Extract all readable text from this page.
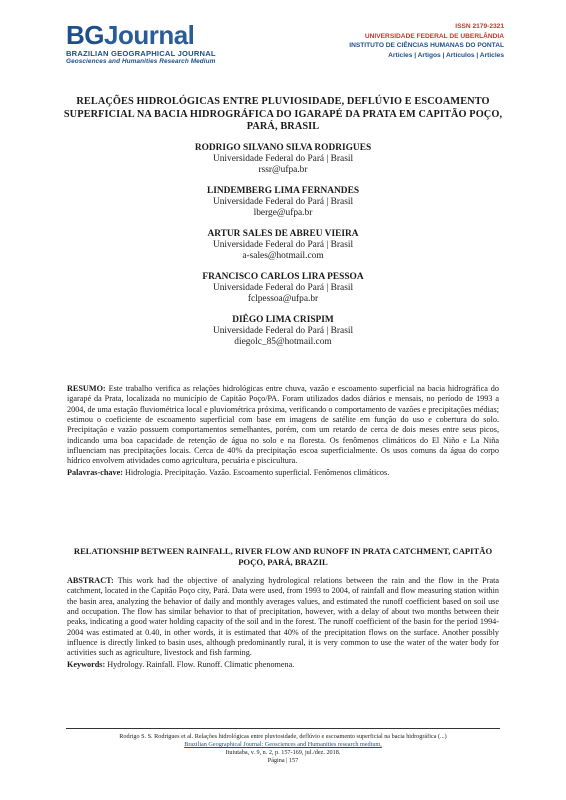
BGJournal
BRAZILIAN GEOGRAPHICAL JOURNAL
Geosciences and Humanities Research Medium
ISSN 2179-2321
UNIVERSIDADE FEDERAL DE UBERLÂNDIA
INSTITUTO DE CIÊNCIAS HUMANAS DO PONTAL
Articles | Artigos | Artículos | Articles
RELAÇÕES HIDROLÓGICAS ENTRE PLUVIOSIDADE, DEFLÚVIO E ESCOAMENTO SUPERFICIAL NA BACIA HIDROGRÁFICA DO IGARAPÉ DA PRATA EM CAPITÃO POÇO, PARÁ, BRASIL
RODRIGO SILVANO SILVA RODRIGUES
Universidade Federal do Pará | Brasil
rssr@ufpa.br
LINDEMBERG LIMA FERNANDES
Universidade Federal do Pará | Brasil
lberge@ufpa.br
ARTUR SALES DE ABREU VIEIRA
Universidade Federal do Pará | Brasil
a-sales@hotmail.com
FRANCISCO CARLOS LIRA PESSOA
Universidade Federal do Pará | Brasil
fclpessoa@ufpa.br
DIÊGO LIMA CRISPIM
Universidade Federal do Pará | Brasil
diegolc_85@hotmail.com
RESUMO: Este trabalho verifica as relações hidrológicas entre chuva, vazão e escoamento superficial na bacia hidrográfica do igarapé da Prata, localizada no município de Capitão Poço/PA. Foram utilizados dados diários e mensais, no período de 1993 a 2004, de uma estação fluviométrica local e pluviométrica próxima, verificando o comportamento de vazões e precipitações médias; estimou o coeficiente de escoamento superficial com base em imagens de satélite em função do uso e cobertura do solo. Precipitação e vazão possuem comportamentos semelhantes, porém, com um retardo de cerca de dois meses entre seus picos, indicando uma boa capacidade de retenção de água no solo e na floresta. Os fenômenos climáticos do El Niño e La Niña influenciam nas precipitações locais. Cerca de 40% da precipitação escoa superficialmente. Os usos comuns da água do corpo hídrico envolvem atividades como agricultura, pecuária e piscicultura.
Palavras-chave: Hidrologia. Precipitação. Vazão. Escoamento superficial. Fenômenos climáticos.
RELATIONSHIP BETWEEN RAINFALL, RIVER FLOW AND RUNOFF IN PRATA CATCHMENT, CAPITÃO POÇO, PARÁ, BRAZIL
ABSTRACT: This work had the objective of analyzing hydrological relations between the rain and the flow in the Prata catchment, located in the Capitão Poço city, Pará. Data were used, from 1993 to 2004, of rainfall and flow measuring station within the basin area, analyzing the behavior of daily and monthly averages values, and estimated the runoff coefficient based on soil use and occupation. The flow has similar behavior to that of precipitation, however, with a delay of about two months between their peaks, indicating a good water holding capacity of the soil and in the forest. The runoff coefficient of the basin for the period 1994-2004 was estimated at 0.40, in other words, it is estimated that 40% of the precipitation flows on the surface. Another possibly influence is directly linked to basin uses, although predominantly rural, it is very common to use the water of the water body for activities such as agriculture, livestock and fish farming.
Keywords: Hydrology. Rainfall. Flow. Runoff. Climatic phenomena.
Rodrigo S. S. Rodrigues et al. Relações hidrológicas entre pluviosidade, deflúvio e escoamento superficial na bacia hidrográfica (...)
Brazilian Geographical Journal: Geosciences and Humanities research medium,
Ituiutaba, v. 9, n. 2, p. 157-169, jul./dez. 2018.
Página | 157
